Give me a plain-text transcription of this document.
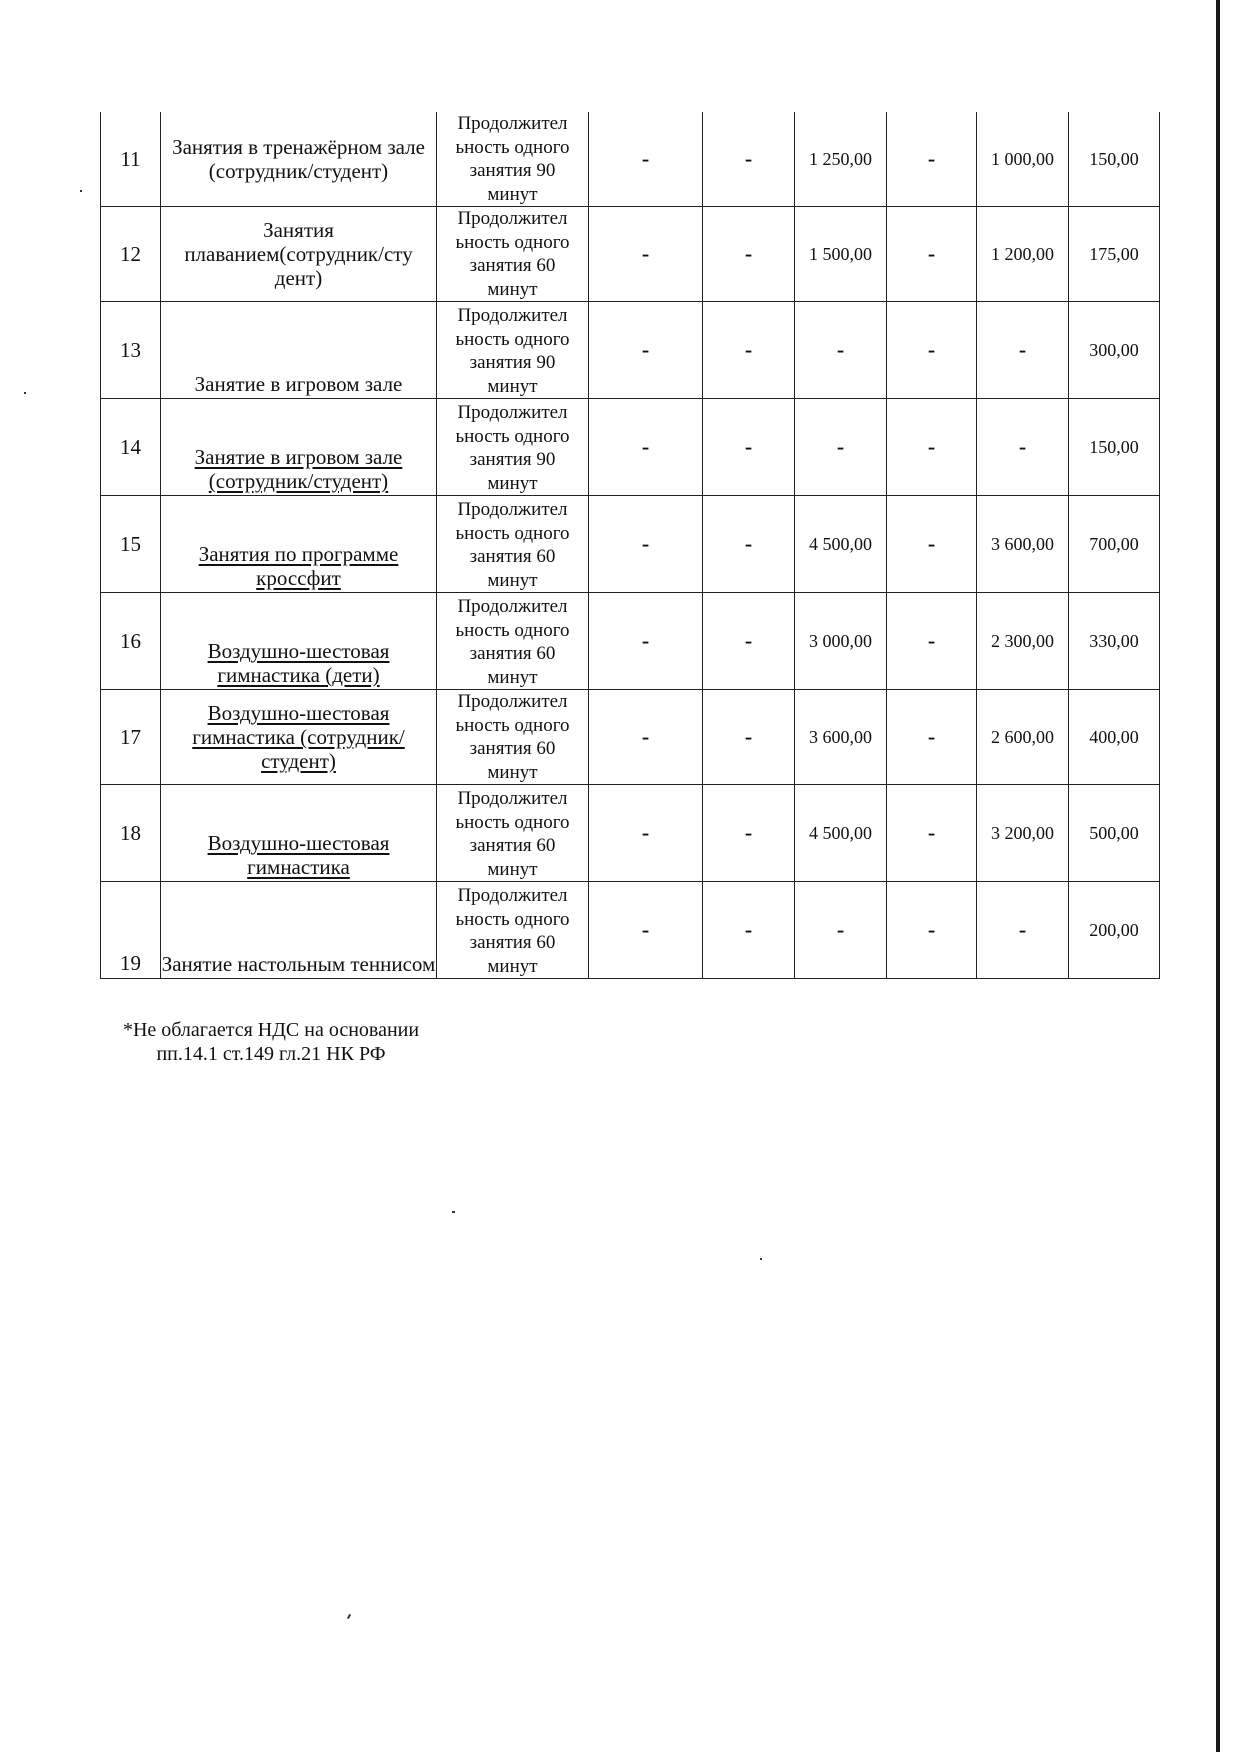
11	Занятия в тренажёрном зале (сотрудник/студент)	Продолжител
ьность одного
занятия 90
минут	-	-	1 250,00	-	1 000,00	150,00
12	Занятия плаванием(сотрудник/сту дент)	Продолжител
ьность одного
занятия 60
минут	-	-	1 500,00	-	1 200,00	175,00
13	Занятие в игровом зале	Продолжител
ьность одного
занятия 90
минут	-	-	-	-	-	300,00
14	Занятие в игровом зале (сотрудник/студент)	Продолжител
ьность одного
занятия 90
минут	-	-	-	-	-	150,00
15	Занятия по программе кроссфит	Продолжител
ьность одного
занятия 60
минут	-	-	4 500,00	-	3 600,00	700,00
16	Воздушно-шестовая гимнастика (дети)	Продолжител
ьность одного
занятия 60
минут	-	-	3 000,00	-	2 300,00	330,00
17	Воздушно-шестовая гимнастика (сотрудник/студент)	Продолжител
ьность одного
занятия 60
минут	-	-	3 600,00	-	2 600,00	400,00
18	Воздушно-шестовая гимнастика	Продолжител
ьность одного
занятия 60
минут	-	-	4 500,00	-	3 200,00	500,00
19	Занятие настольным теннисом	Продолжител
ьность одного
занятия 60
минут	-	-	-	-	-	200,00
*Не облагается НДС на основании пп.14.1 ст.149 гл.21 НК РФ
